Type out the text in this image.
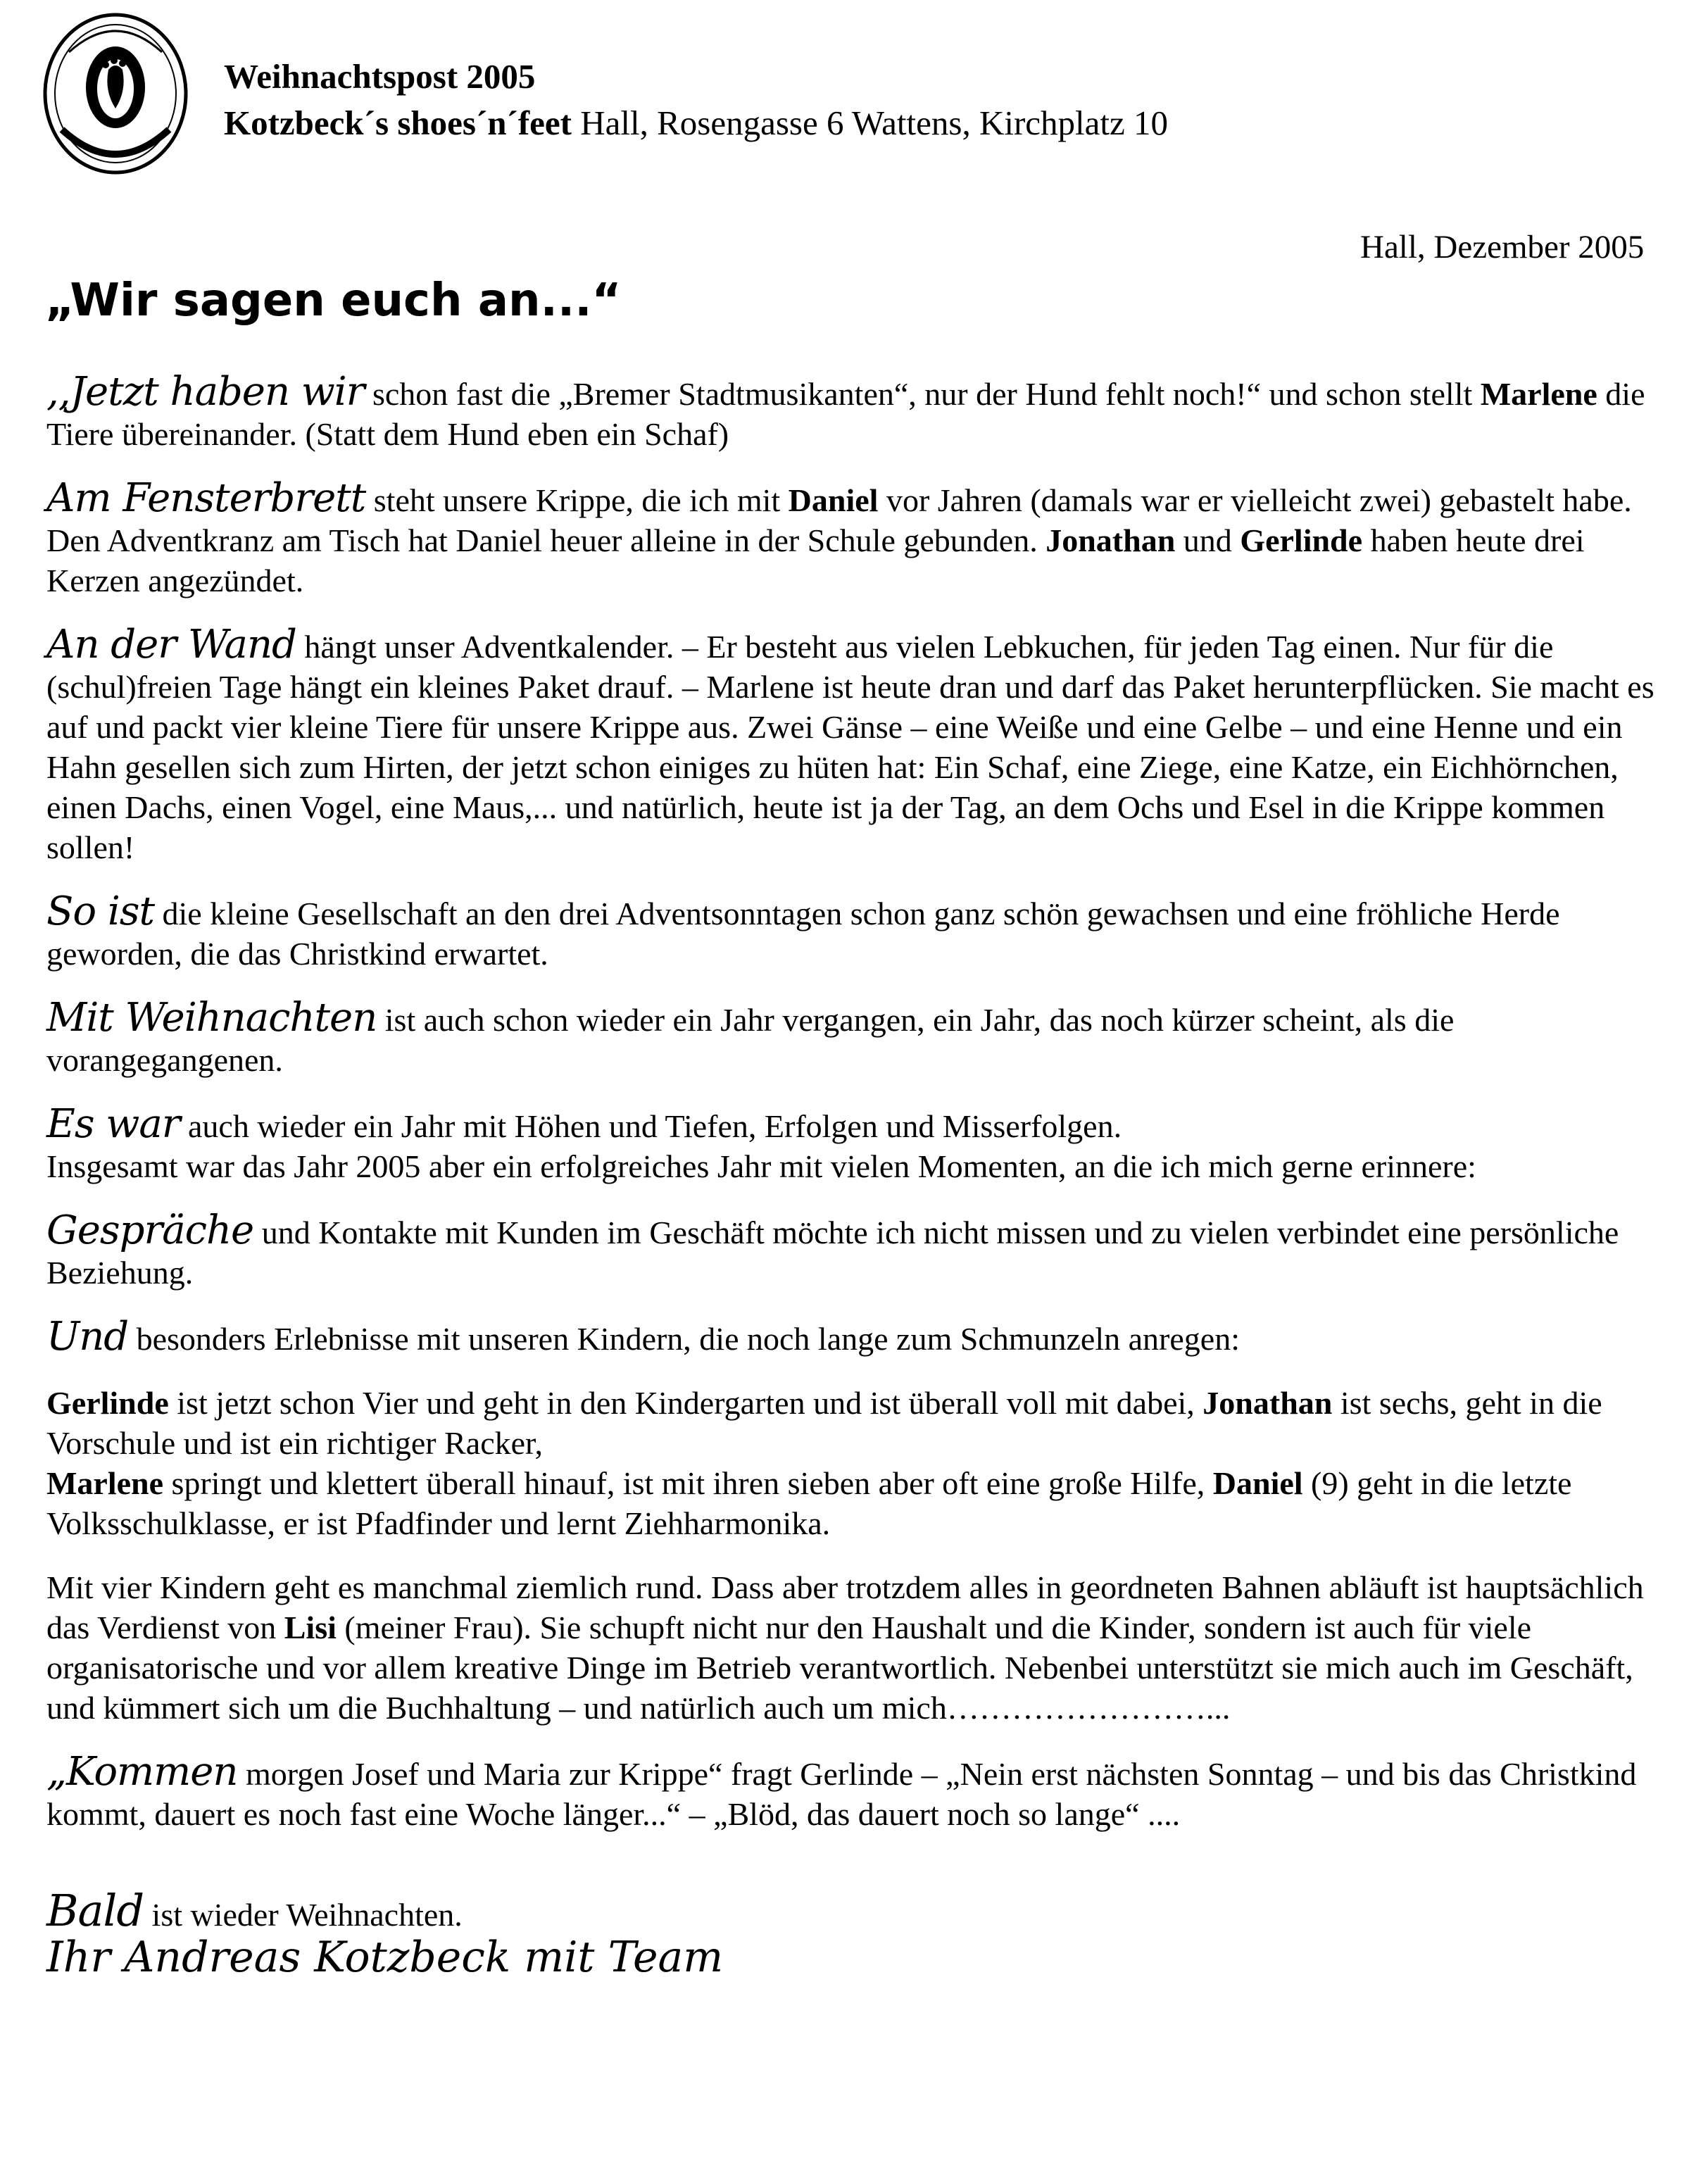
Weihnachtspost 2005
Kotzbeck´s shoes´n´feet Hall, Rosengasse 6 Wattens, Kirchplatz 10
Hall, Dezember 2005
„Wir sagen euch an...“

,,Jetzt haben wir schon fast die „Bremer Stadtmusikanten“, nur der Hund fehlt noch!“ und schon stellt Marlene die Tiere übereinander. (Statt dem Hund eben ein Schaf)

Am Fensterbrett steht unsere Krippe, die ich mit Daniel vor Jahren (damals war er vielleicht zwei) gebastelt habe. Den Adventkranz am Tisch hat Daniel heuer alleine in der Schule gebunden. Jonathan und Gerlinde haben heute drei Kerzen angezündet.

An der Wand hängt unser Adventkalender. – Er besteht aus vielen Lebkuchen, für jeden Tag einen. Nur für die (schul)freien Tage hängt ein kleines Paket drauf. – Marlene ist heute dran und darf das Paket herunterpflücken. Sie macht es auf und packt vier kleine Tiere für unsere Krippe aus. Zwei Gänse – eine Weiße und eine Gelbe – und eine Henne und ein Hahn gesellen sich zum Hirten, der jetzt schon einiges zu hüten hat: Ein Schaf, eine Ziege, eine Katze, ein Eichhörnchen, einen Dachs, einen Vogel, eine Maus,... und natürlich, heute ist ja der Tag, an dem Ochs und Esel in die Krippe kommen sollen!

So ist die kleine Gesellschaft an den drei Adventsonntagen schon ganz schön gewachsen und eine fröhliche Herde geworden, die das Christkind erwartet.

Mit Weihnachten ist auch schon wieder ein Jahr vergangen, ein Jahr, das noch kürzer scheint, als die vorangegangenen.

Es war auch wieder ein Jahr mit Höhen und Tiefen, Erfolgen und Misserfolgen.
Insgesamt war das Jahr 2005 aber ein erfolgreiches Jahr mit vielen Momenten, an die ich mich gerne erinnere:

Gespräche und Kontakte mit Kunden im Geschäft möchte ich nicht missen und zu vielen verbindet eine persönliche Beziehung.

Und besonders Erlebnisse mit unseren Kindern, die noch lange zum Schmunzeln anregen:

Gerlinde ist jetzt schon Vier und geht in den Kindergarten und ist überall voll mit dabei, Jonathan ist sechs, geht in die Vorschule und ist ein richtiger Racker,
Marlene springt und klettert überall hinauf, ist mit ihren sieben aber oft eine große Hilfe, Daniel (9) geht in die letzte Volksschulklasse, er ist Pfadfinder und lernt Ziehharmonika.

Mit vier Kindern geht es manchmal ziemlich rund. Dass aber trotzdem alles in geordneten Bahnen abläuft ist hauptsächlich das Verdienst von Lisi (meiner Frau). Sie schupft nicht nur den Haushalt und die Kinder, sondern ist auch für viele organisatorische und vor allem kreative Dinge im Betrieb verantwortlich. Nebenbei unterstützt sie mich auch im Geschäft, und kümmert sich um die Buchhaltung – und natürlich auch um mich……………………...

„Kommen morgen Josef und Maria zur Krippe“ fragt Gerlinde – „Nein erst nächsten Sonntag – und bis das Christkind kommt, dauert es noch fast eine Woche länger...“ – „Blöd, das dauert noch so lange“ ....

Bald ist wieder Weihnachten.
Ihr Andreas Kotzbeck mit Team
